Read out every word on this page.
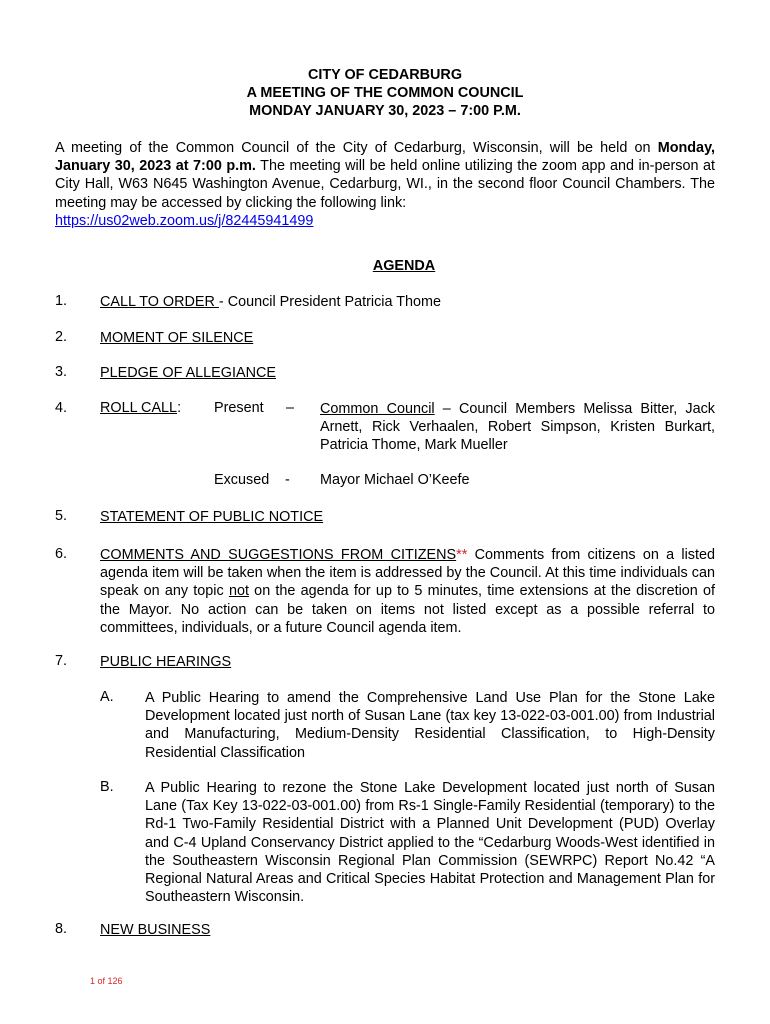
CITY OF CEDARBURG
A MEETING OF THE COMMON COUNCIL
MONDAY JANUARY 30, 2023 – 7:00 P.M.
A meeting of the Common Council of the City of Cedarburg, Wisconsin, will be held on Monday, January 30, 2023 at 7:00 p.m. The meeting will be held online utilizing the zoom app and in-person at City Hall, W63 N645 Washington Avenue, Cedarburg, WI., in the second floor Council Chambers. The meeting may be accessed by clicking the following link:
https://us02web.zoom.us/j/82445941499
AGENDA
1. CALL TO ORDER - Council President Patricia Thome
2. MOMENT OF SILENCE
3. PLEDGE OF ALLEGIANCE
4. ROLL CALL: Present – Common Council – Council Members Melissa Bitter, Jack Arnett, Rick Verhaalen, Robert Simpson, Kristen Burkart, Patricia Thome, Mark Mueller
Excused - Mayor Michael O’Keefe
5. STATEMENT OF PUBLIC NOTICE
6. COMMENTS AND SUGGESTIONS FROM CITIZENS** Comments from citizens on a listed agenda item will be taken when the item is addressed by the Council. At this time individuals can speak on any topic not on the agenda for up to 5 minutes, time extensions at the discretion of the Mayor. No action can be taken on items not listed except as a possible referral to committees, individuals, or a future Council agenda item.
7. PUBLIC HEARINGS
A. A Public Hearing to amend the Comprehensive Land Use Plan for the Stone Lake Development located just north of Susan Lane (tax key 13-022-03-001.00) from Industrial and Manufacturing, Medium-Density Residential Classification, to High-Density Residential Classification
B. A Public Hearing to rezone the Stone Lake Development located just north of Susan Lane (Tax Key 13-022-03-001.00) from Rs-1 Single-Family Residential (temporary) to the Rd-1 Two-Family Residential District with a Planned Unit Development (PUD) Overlay and C-4 Upland Conservancy District applied to the “Cedarburg Woods-West identified in the Southeastern Wisconsin Regional Plan Commission (SEWRPC) Report No.42 “A Regional Natural Areas and Critical Species Habitat Protection and Management Plan for Southeastern Wisconsin.
8. NEW BUSINESS
1 of 126
